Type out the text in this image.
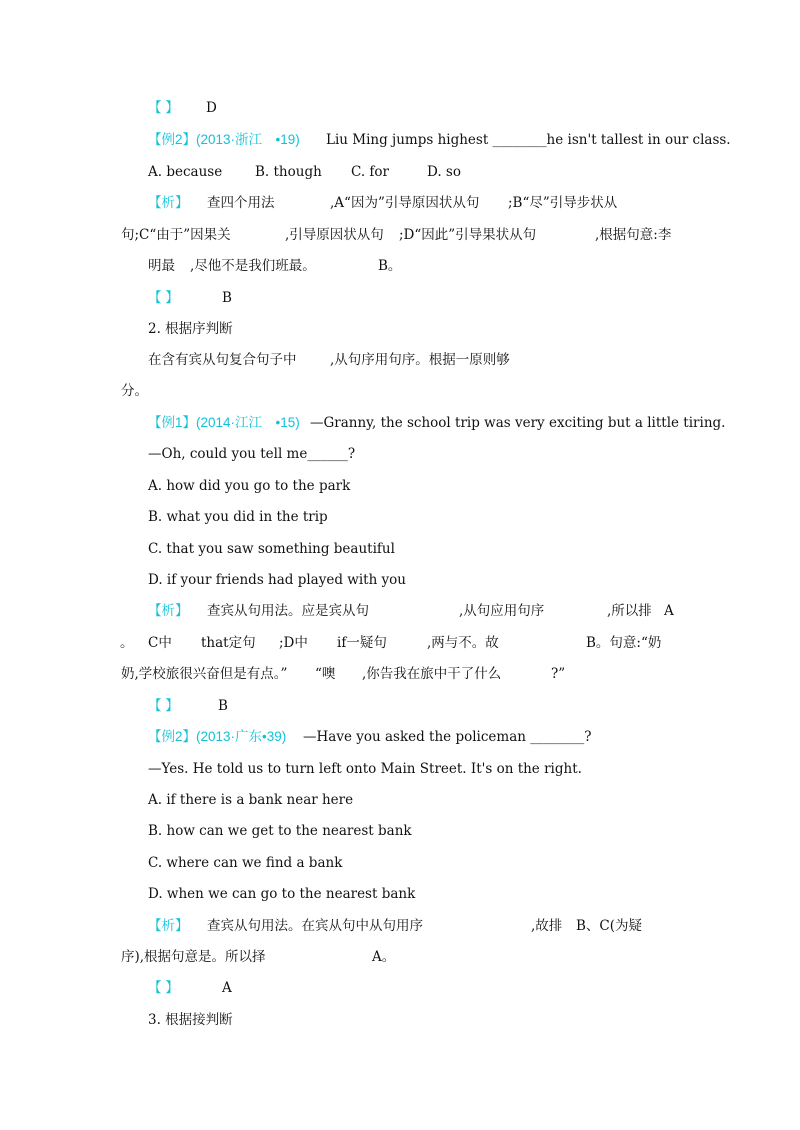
【 】 D
【例2】(2013·浙江　•19) Liu Ming jumps highest ________he isn't tallest in our class.
A. because B. though C. for	D. so
【析】 查四个用法	,A“因为”引导原因状从句 ;B“尽”引导步状从
句;C“由于”因果关	,引导原因状从句 ;D“因此”引导果状从句	,根据句意:李
明最 ,尽他不是我们班最。	B。
【 】	B
2. 根据序判断
在含有宾从句复合句子中 ,从句序用句序。根据一原则够
分。
【例1】(2014·江江　•15) —Granny, the school trip was very exciting but a little tiring.
—Oh, could you tell me______?
A. how did you go to the park
B. what you did in the trip
C. that you saw something beautiful
D. if your friends had played with you
【析】 查宾从句用法。应是宾从句	,从句应用句序	,所以排 A
。 C中 that定句 ;D中 if一疑句	,两与不。故	B。句意:“奶
奶,学校旅很兴奋但是有点。” “噢 ,你告我在旅中干了什么	?”
【 】	B
【例2】(2013·广东•39) —Have you asked the policeman ________?
—Yes. He told us to turn left onto Main Street. It's on the right.
A. if there is a bank near here
B. how can we get to the nearest bank
C. where can we find a bank
D. when we can go to the nearest bank
【析】 查宾从句用法。在宾从句中从句用序	,故排 B、C(为疑
序),根据句意是。所以择	A。
【 】	A
3. 根据接判断
